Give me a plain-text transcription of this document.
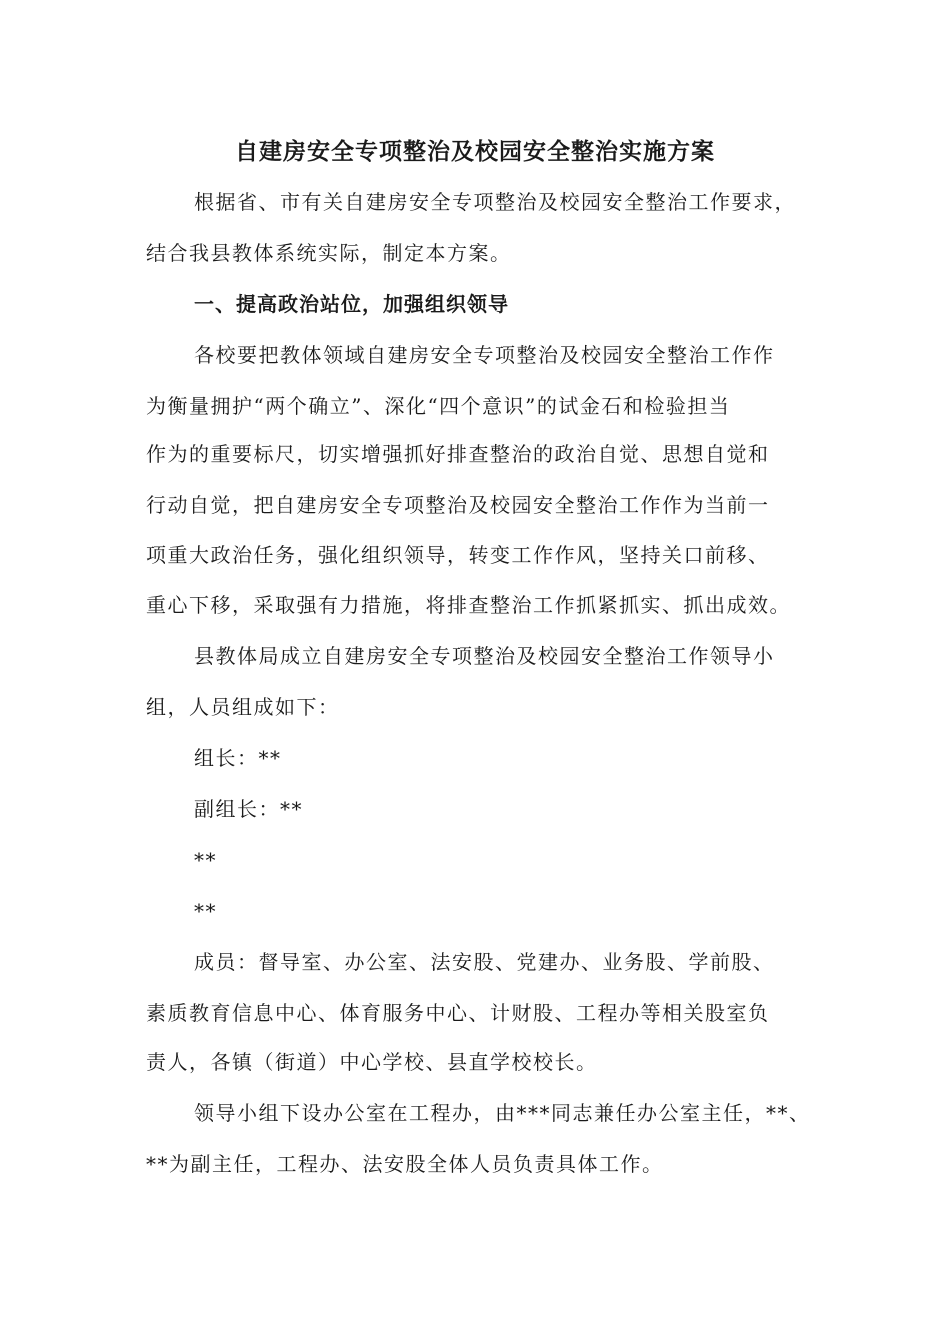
自建房安全专项整治及校园安全整治实施方案

根据省、市有关自建房安全专项整治及校园安全整治工作要求，

结合我县教体系统实际，制定本方案。

一、提高政治站位，加强组织领导

各校要把教体领域自建房安全专项整治及校园安全整治工作作

为衡量拥护“两个确立”、深化“四个意识”的试金石和检验担当

作为的重要标尺，切实增强抓好排查整治的政治自觉、思想自觉和

行动自觉，把自建房安全专项整治及校园安全整治工作作为当前一

项重大政治任务，强化组织领导，转变工作作风，坚持关口前移、

重心下移，采取强有力措施，将排查整治工作抓紧抓实、抓出成效。

县教体局成立自建房安全专项整治及校园安全整治工作领导小

组，人员组成如下：

组长：**

副组长：**

**

**

成员：督导室、办公室、法安股、党建办、业务股、学前股、

素质教育信息中心、体育服务中心、计财股、工程办等相关股室负

责人，各镇（街道）中心学校、县直学校校长。

领导小组下设办公室在工程办，由***同志兼任办公室主任，**、

**为副主任，工程办、法安股全体人员负责具体工作。
